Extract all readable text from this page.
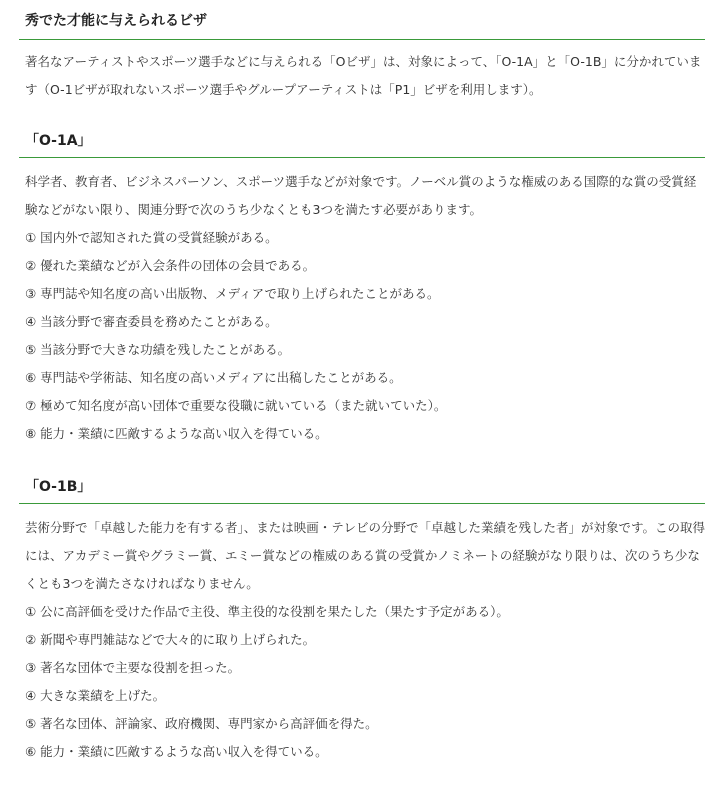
秀でた才能に与えられるビザ

著名なアーティストやスポーツ選手などに与えられる「Oビザ」は、対象によって、「O-1A」と「O-1B」に分かれています（O-1ビザが取れないスポーツ選手やグループアーティストは「P1」ビザを利用します）。

「O-1A」

科学者、教育者、ビジネスパーソン、スポーツ選手などが対象です。ノーベル賞のような権威のある国際的な賞の受賞経験などがない限り、関連分野で次のうち少なくとも3つを満たす必要があります。

① 国内外で認知された賞の受賞経験がある。
② 優れた業績などが入会条件の団体の会員である。
③ 専門誌や知名度の高い出版物、メディアで取り上げられたことがある。
④ 当該分野で審査委員を務めたことがある。
⑤ 当該分野で大きな功績を残したことがある。
⑥ 専門誌や学術誌、知名度の高いメディアに出稿したことがある。
⑦ 極めて知名度が高い団体で重要な役職に就いている（また就いていた）。
⑧ 能力・業績に匹敵するような高い収入を得ている。
「O-1B」

芸術分野で「卓越した能力を有する者」、または映画・テレビの分野で「卓越した業績を残した者」が対象です。この取得には、アカデミー賞やグラミー賞、エミー賞などの権威のある賞の受賞かノミネートの経験がなり限りは、次のうち少なくとも3つを満たさなければなりません。

① 公に高評価を受けた作品で主役、準主役的な役割を果たした（果たす予定がある）。
② 新聞や専門雑誌などで大々的に取り上げられた。
③ 著名な団体で主要な役割を担った。
④ 大きな業績を上げた。
⑤ 著名な団体、評論家、政府機関、専門家から高評価を得た。
⑥ 能力・業績に匹敵するような高い収入を得ている。
